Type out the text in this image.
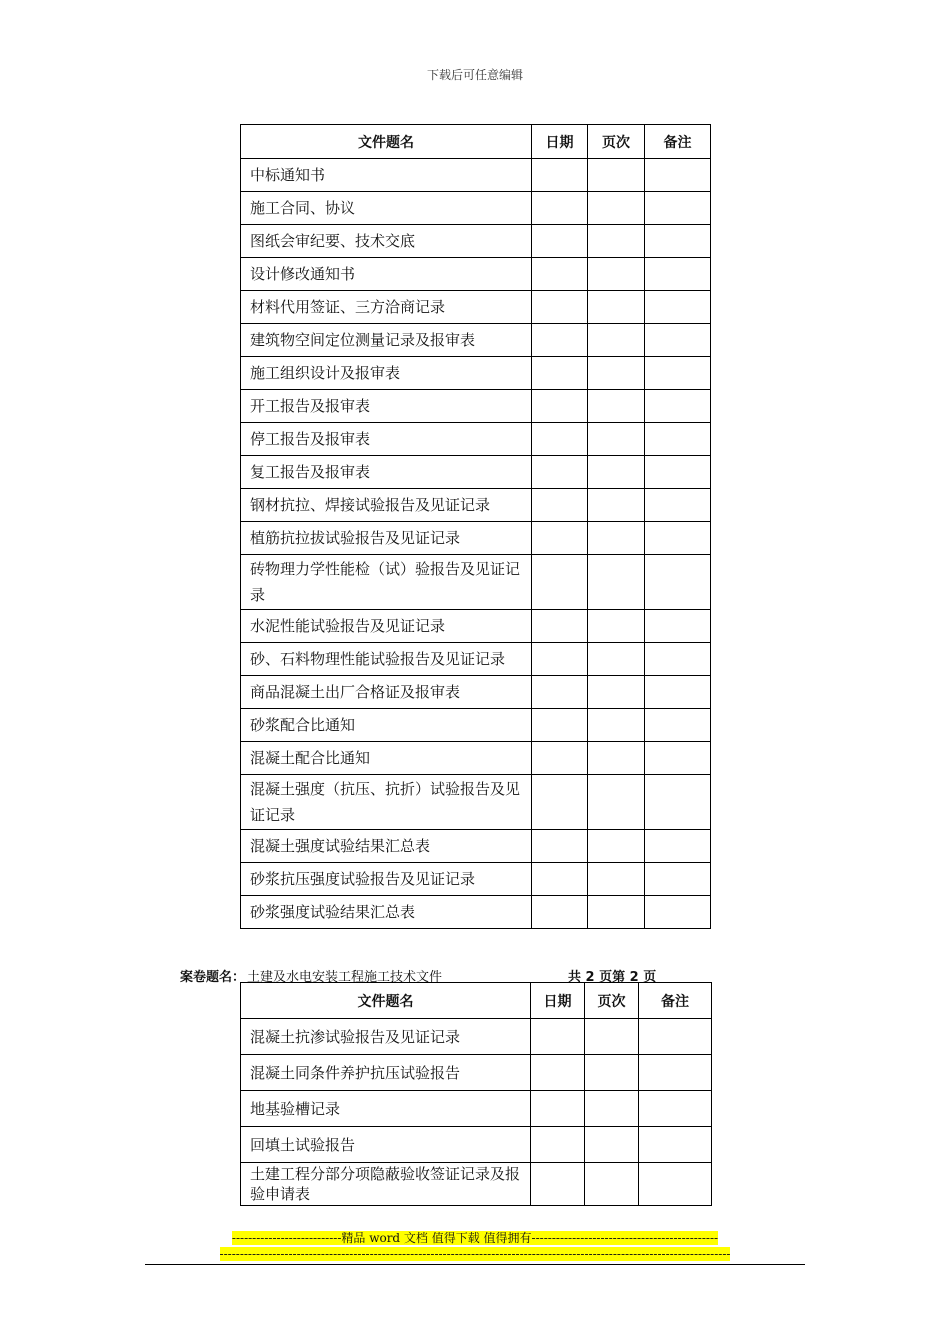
下载后可任意编辑
文件题名	日期	页次	备注
中标通知书			
施工合同、协议			
图纸会审纪要、技术交底			
设计修改通知书			
材料代用签证、三方洽商记录			
建筑物空间定位测量记录及报审表			
施工组织设计及报审表			
开工报告及报审表			
停工报告及报审表			
复工报告及报审表			
钢材抗拉、焊接试验报告及见证记录			
植筋抗拉拔试验报告及见证记录			
砖物理力学性能检（试）验报告及见证记录			
水泥性能试验报告及见证记录			
砂、石料物理性能试验报告及见证记录			
商品混凝土出厂合格证及报审表			
砂浆配合比通知			
混凝土配合比通知			
混凝土强度（抗压、抗折）试验报告及见证记录			
混凝土强度试验结果汇总表			
砂浆抗压强度试验报告及见证记录			
砂浆强度试验结果汇总表			
案卷题名： 土建及水电安装工程施工技术文件	共 2 页第 2 页
文件题名	日期	页次	备注
混凝土抗渗试验报告及见证记录			
混凝土同条件养护抗压试验报告			
地基验槽记录			
回填土试验报告			
土建工程分部分项隐蔽验收签证记录及报验申请表			
---------------------------精品 word 文档 值得下载 值得拥有----------------------------------------------
------------------------------------------------------------------------------------------------------------------------------
